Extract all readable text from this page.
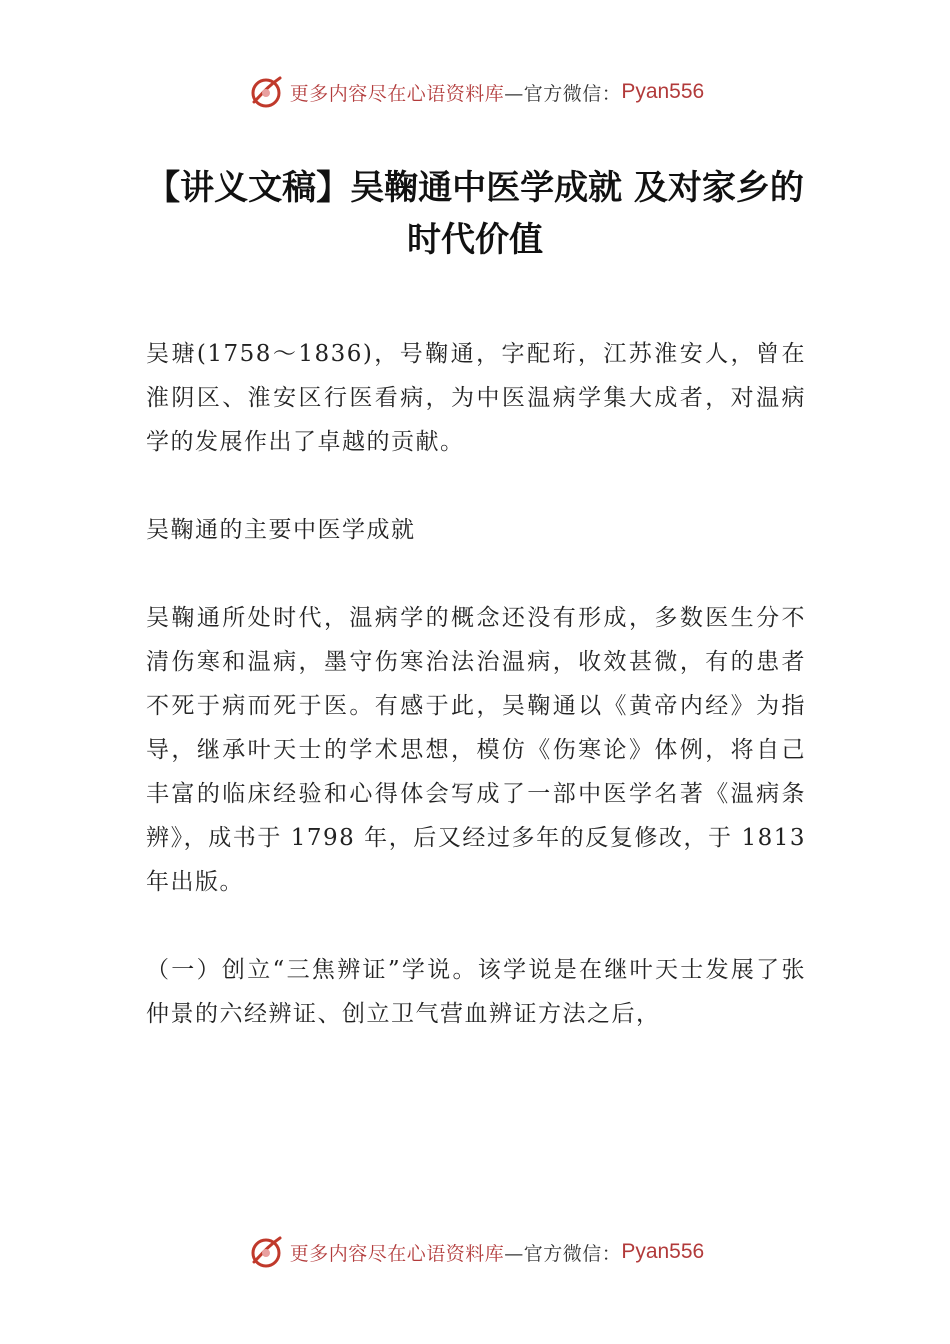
更多内容尽在心语资料库 —官方微信： Pyan556
【讲义文稿】吴鞠通中医学成就 及对家乡的时代价值

吴瑭(1758～1836)，号鞠通，字配珩，江苏淮安人，曾在淮阴区、淮安区行医看病，为中医温病学集大成者，对温病学的发展作出了卓越的贡献。

吴鞠通的主要中医学成就

吴鞠通所处时代，温病学的概念还没有形成，多数医生分不清伤寒和温病，墨守伤寒治法治温病，收效甚微，有的患者不死于病而死于医。有感于此，吴鞠通以《黄帝内经》为指导，继承叶天士的学术思想，模仿《伤寒论》体例，将自己丰富的临床经验和心得体会写成了一部中医学名著《温病条辨》，成书于 1798 年，后又经过多年的反复修改，于 1813 年出版。

（一）创立“三焦辨证”学说。该学说是在继叶天士发展了张仲景的六经辨证、创立卫气营血辨证方法之后，

更多内容尽在心语资料库 —官方微信： Pyan556
